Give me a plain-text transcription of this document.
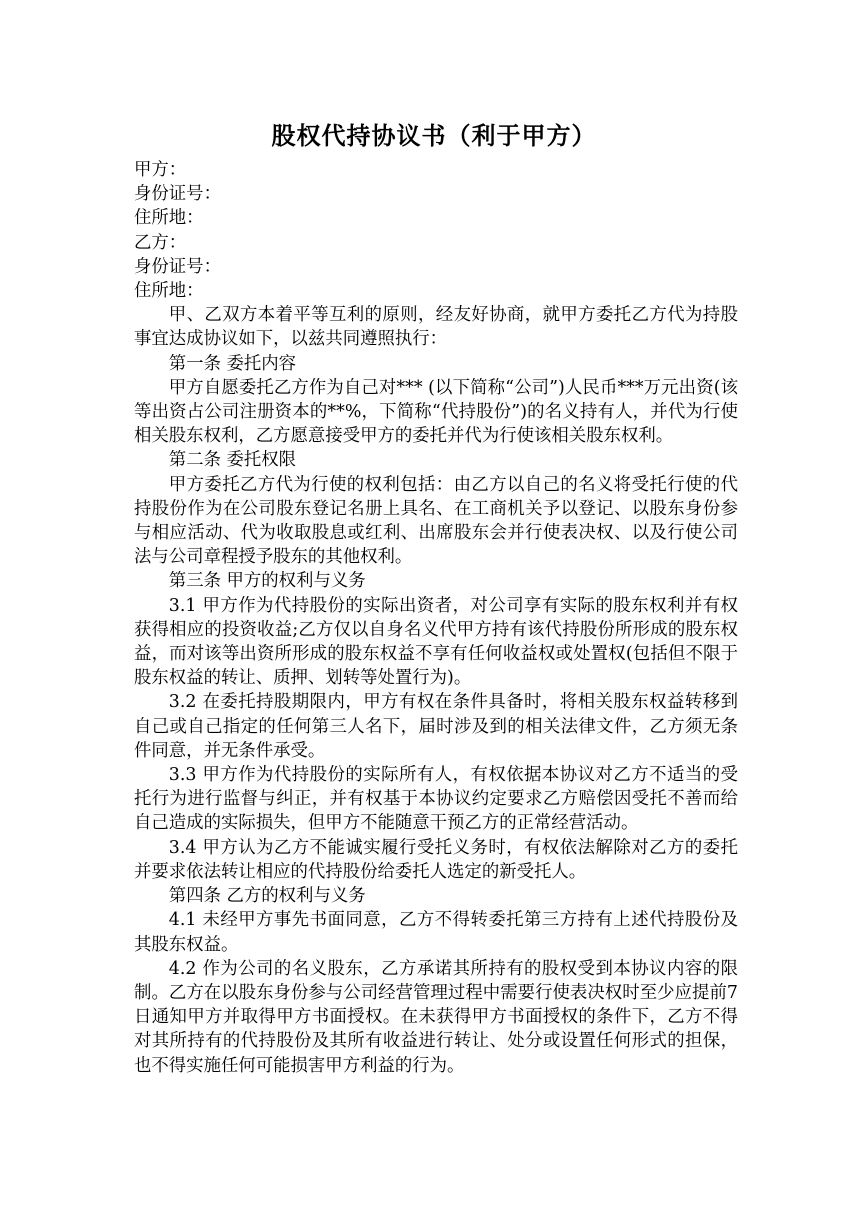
股权代持协议书（利于甲方）

甲方：

身份证号：

住所地：

乙方：

身份证号：

住所地：

甲、乙双方本着平等互利的原则，经友好协商，就甲方委托乙方代为持股事宜达成协议如下，以兹共同遵照执行：

第一条 委托内容

甲方自愿委托乙方作为自己对*** (以下简称“公司”)人民币***万元出资(该等出资占公司注册资本的**%，下简称“代持股份”)的名义持有人，并代为行使相关股东权利，乙方愿意接受甲方的委托并代为行使该相关股东权利。

第二条 委托权限

甲方委托乙方代为行使的权利包括：由乙方以自己的名义将受托行使的代持股份作为在公司股东登记名册上具名、在工商机关予以登记、以股东身份参与相应活动、代为收取股息或红利、出席股东会并行使表决权、以及行使公司法与公司章程授予股东的其他权利。

第三条 甲方的权利与义务

3.1 甲方作为代持股份的实际出资者，对公司享有实际的股东权利并有权获得相应的投资收益;乙方仅以自身名义代甲方持有该代持股份所形成的股东权益，而对该等出资所形成的股东权益不享有任何收益权或处置权(包括但不限于股东权益的转让、质押、划转等处置行为)。

3.2 在委托持股期限内，甲方有权在条件具备时，将相关股东权益转移到自己或自己指定的任何第三人名下，届时涉及到的相关法律文件，乙方须无条件同意，并无条件承受。

3.3 甲方作为代持股份的实际所有人，有权依据本协议对乙方不适当的受托行为进行监督与纠正，并有权基于本协议约定要求乙方赔偿因受托不善而给自己造成的实际损失，但甲方不能随意干预乙方的正常经营活动。

3.4 甲方认为乙方不能诚实履行受托义务时，有权依法解除对乙方的委托并要求依法转让相应的代持股份给委托人选定的新受托人。

第四条 乙方的权利与义务

4.1 未经甲方事先书面同意，乙方不得转委托第三方持有上述代持股份及其股东权益。

4.2 作为公司的名义股东，乙方承诺其所持有的股权受到本协议内容的限制。乙方在以股东身份参与公司经营管理过程中需要行使表决权时至少应提前7日通知甲方并取得甲方书面授权。在未获得甲方书面授权的条件下，乙方不得对其所持有的代持股份及其所有收益进行转让、处分或设置任何形式的担保，也不得实施任何可能损害甲方利益的行为。
